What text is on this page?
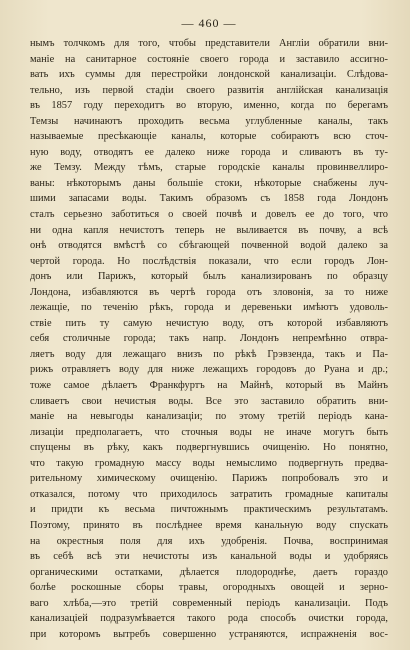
— 460 —
нымъ толчкомъ для того, чтобы представители Англiи обратили вни-
манiе на санитарное состоянiе своего города и заставило ассигно-
вать ихъ суммы для перестройки лондонской канализацiи. Слѣдова-
тельно, изъ первой стадiи своего развитiя англiйская канализацiя
въ 1857 году переходитъ во вторую, именно, когда по берегамъ
Темзы начинаютъ проходить весьма углубленные каналы, такъ
называемые пресѣкающiе каналы, которые собираютъ всю сточ-
ную воду, отводятъ ее далеко ниже города и сливаютъ въ ту-
же Темзу. Между тѣмъ, старые городскiе каналы провинвеллиро-
ваны: нѣкоторымъ даны большiе стоки, нѣкоторые снабжены луч-
шими запасами воды. Такимъ образомъ съ 1858 года Лондонъ
сталъ серьезно заботиться о своей почвѣ и довелъ ее до того, что
ни одна капля нечистотъ теперь не выливается въ почву, а всѣ
онѣ отводятся вмѣстѣ со сбѣгающей почвенной водой далеко за
чертой города. Но послѣдствiя показали, что если городъ Лон-
донъ или Парижъ, который былъ канализированъ по образцу
Лондона, избавляются въ чертѣ города отъ зловонiя, за то ниже
лежащiе, по теченiю рѣкъ, города и деревеньки имѣютъ удоволь-
ствiе пить ту самую нечистую воду, отъ которой избавляютъ
себя столичные города; такъ напр. Лондонъ непремѣнно отвра-
ляетъ воду для лежащаго внизъ по рѣкѣ Грэвзенда, такъ и Па-
рижъ отравляетъ воду для ниже лежащихъ городовъ до Руана и др.;
тоже самое дѣлаетъ Франкфуртъ на Майнѣ, который въ Майнъ
сливаетъ свои нечистыя воды. Все это заставило обратить вни-
манiе на невыгоды канализацiи; по этому третiй перiодъ кана-
лизацiи предполагаетъ, что сточныя воды не иначе могутъ быть
спущены въ рѣку, какъ подвергнувшись очищенiю. Но понятно,
что такую громадную массу воды немыслимо подвергнуть предва-
рительному химическому очищенiю. Парижъ попробовалъ это и
отказался, потому что приходилось затратить громадные капиталы
и придти къ весьма пичтожнымъ практическимъ результатамъ.
Поэтому, принято въ послѣднее время канальную воду спускать
на окрестныя поля для ихъ удобренiя. Почва, воспринимая
въ себѣ всѣ эти нечистоты изъ канальной воды и удобряясь
органическими остатками, дѣлается плодороднѣе, даетъ гораздо
болѣе роскошные сборы травы, огородныхъ овощей и зерно-
ваго хлѣба,—это третiй современный перiодъ канализацiи. Подъ
канализацiей подразумѣвается такого рода способъ очистки города,
при которомъ вытребъ совершенно устраняются, испражненiя вос-
